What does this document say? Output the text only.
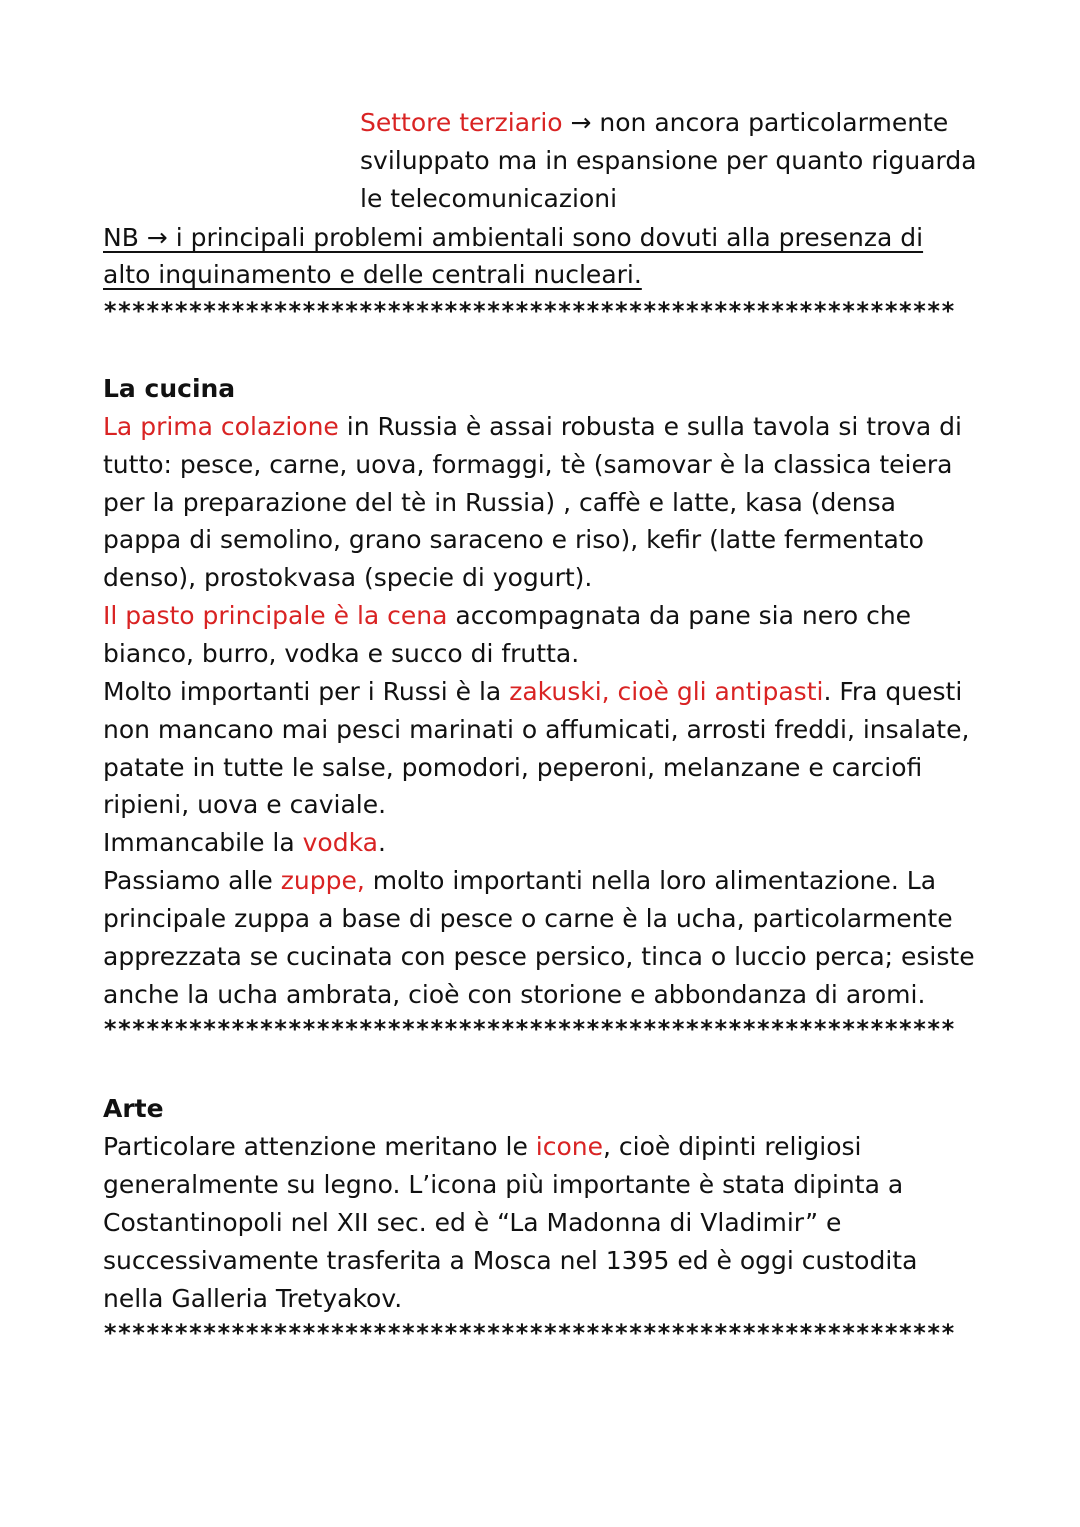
Settore terziario → non ancora particolarmente
sviluppato ma in espansione per quanto riguarda
le telecomunicazioni
NB → i principali problemi ambientali sono dovuti alla presenza di
alto inquinamento e delle centrali nucleari.
************************************************************
La cucina
La prima colazione in Russia è assai robusta e sulla tavola si trova di
tutto: pesce, carne, uova, formaggi, tè (samovar è la classica teiera
per la preparazione del tè in Russia) , caffè e latte, kasa (densa
pappa di semolino, grano saraceno e riso), kefir (latte fermentato
denso), prostokvasa (specie di yogurt).
Il pasto principale è la cena accompagnata da pane sia nero che
bianco, burro, vodka e succo di frutta.
Molto importanti per i Russi è la zakuski, cioè gli antipasti. Fra questi
non mancano mai pesci marinati o affumicati, arrosti freddi, insalate,
patate in tutte le salse, pomodori, peperoni, melanzane e carciofi
ripieni, uova e caviale.
Immancabile la vodka.
Passiamo alle zuppe, molto importanti nella loro alimentazione. La
principale zuppa a base di pesce o carne è la ucha, particolarmente
apprezzata se cucinata con pesce persico, tinca o luccio perca; esiste
anche la ucha ambrata, cioè con storione e abbondanza di aromi.
************************************************************
Arte
Particolare attenzione meritano le icone, cioè dipinti religiosi
generalmente su legno. L’icona più importante è stata dipinta a
Costantinopoli nel XII sec. ed è “La Madonna di Vladimir” e
successivamente trasferita a Mosca nel 1395 ed è oggi custodita
nella Galleria Tretyakov.
************************************************************
